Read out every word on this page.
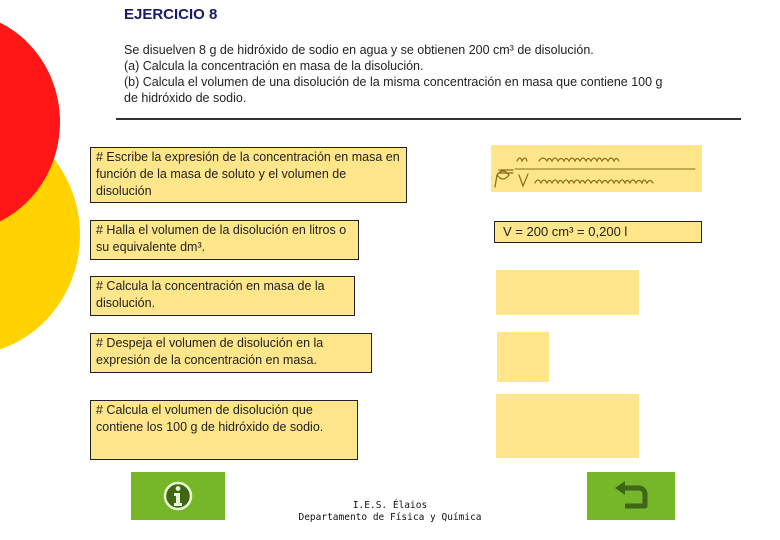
EJERCICIO 8
Se disuelven 8 g de hidróxido de sodio en agua y se obtienen 200 cm³ de disolución.
(a) Calcula la concentración en masa de la disolución.
(b) Calcula el volumen de una disolución de la misma concentración en masa que contiene 100 g
de hidróxido de sodio.
# Escribe la expresión de la concentración en masa en función de la masa de soluto y el volumen de disolución
# Halla el volumen de la disolución en litros o su equivalente dm³.
# Calcula la concentración en masa de la disolución.
# Despeja el volumen de disolución en la expresión de la concentración en masa.
# Calcula el volumen de disolución que contiene los 100 g de hidróxido de sodio.
V = 200 cm³ = 0,200 l
I.E.S. Élaios
Departamento de Física y Química
